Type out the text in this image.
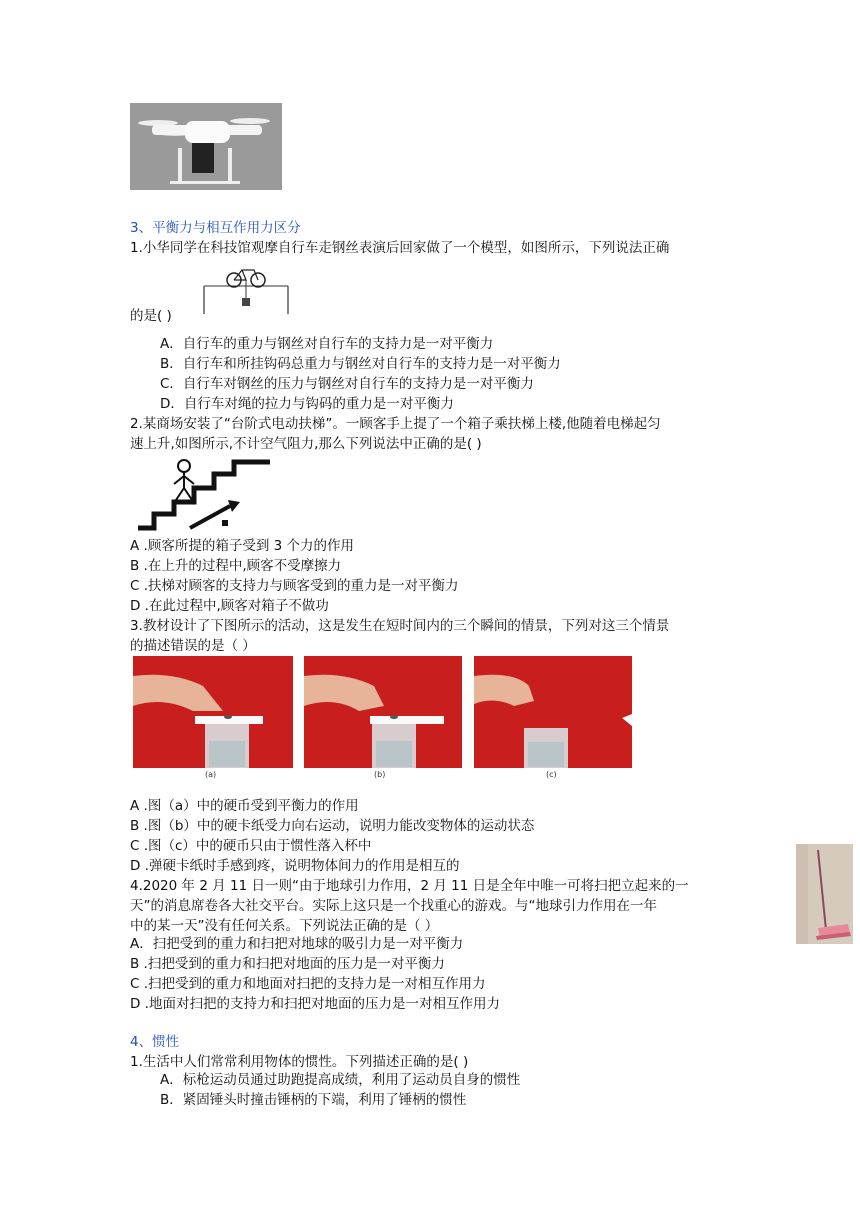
3、平衡力与相互作用力区分
1.小华同学在科技馆观摩自行车走钢丝表演后回家做了一个模型，如图所示，下列说法正确
的是( )
A．自行车的重力与钢丝对自行车的支持力是一对平衡力
B．自行车和所挂钩码总重力与钢丝对自行车的支持力是一对平衡力
C．自行车对钢丝的压力与钢丝对自行车的支持力是一对平衡力
D．自行车对绳的拉力与钩码的重力是一对平衡力
2.某商场安装了“台阶式电动扶梯”。一顾客手上提了一个箱子乘扶梯上楼,他随着电梯起匀
速上升,如图所示,不计空气阻力,那么下列说法中正确的是( )
A .顾客所提的箱子受到 3 个力的作用
B .在上升的过程中,顾客不受摩擦力
C .扶梯对顾客的支持力与顾客受到的重力是一对平衡力
D .在此过程中,顾客对箱子不做功
3.教材设计了下图所示的活动，这是发生在短时间内的三个瞬间的情景，下列对这三个情景
的描述错误的是（ ）
(a)	(b)	(c)
A .图（a）中的硬币受到平衡力的作用
B .图（b）中的硬卡纸受力向右运动，说明力能改变物体的运动状态
C .图（c）中的硬币只由于惯性落入杯中
D .弹硬卡纸时手感到疼，说明物体间力的作用是相互的
4.2020 年 2 月 11 日一则“由于地球引力作用，2 月 11 日是全年中唯一可将扫把立起来的一
天”的消息席卷各大社交平台。实际上这只是一个找重心的游戏。与“地球引力作用在一年
中的某一天”没有任何关系。下列说法正确的是（ ）
A．扫把受到的重力和扫把对地球的吸引力是一对平衡力
B .扫把受到的重力和扫把对地面的压力是一对平衡力
C .扫把受到的重力和地面对扫把的支持力是一对相互作用力
D .地面对扫把的支持力和扫把对地面的压力是一对相互作用力
4、惯性
1.生活中人们常常利用物体的惯性。下列描述正确的是( )
A．标枪运动员通过助跑提高成绩，利用了运动员自身的惯性
B．紧固锤头时撞击锤柄的下端，利用了锤柄的惯性
